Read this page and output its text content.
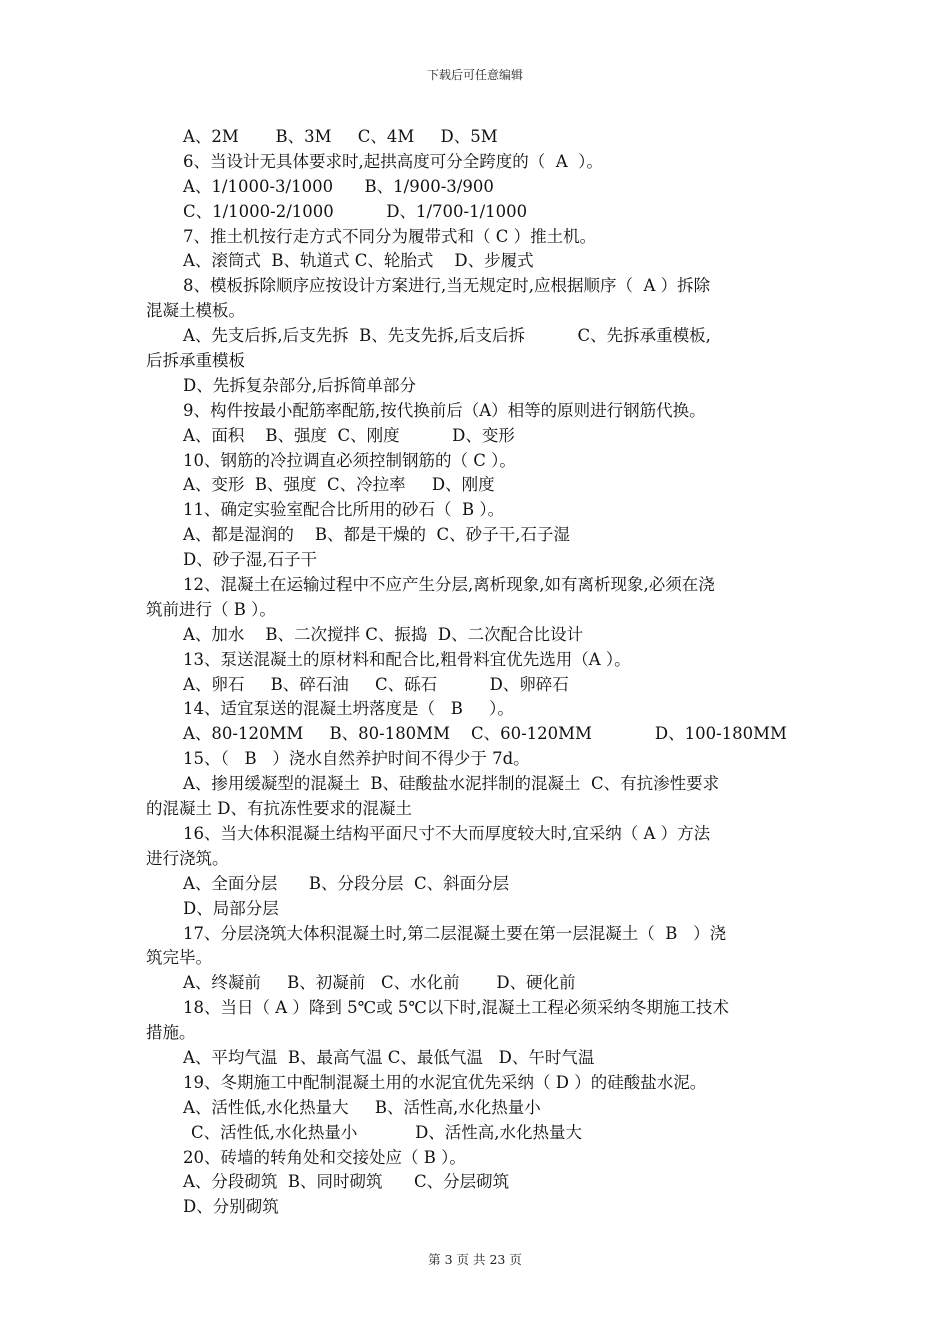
下载后可任意编辑
A、2M       B、3M     C、4M     D、5M
6、当设计无具体要求时,起拱高度可分全跨度的（  A  ）。
A、1/1000-3/1000      B、1/900-3/900
C、1/1000-2/1000          D、1/700-1/1000
7、推土机按行走方式不同分为履带式和（ C ）推土机。
A、滚筒式  B、轨道式 C、轮胎式    D、步履式
8、模板拆除顺序应按设计方案进行,当无规定时,应根据顺序（  A ）拆除
混凝土模板。
A、先支后拆,后支先拆  B、先支先拆,后支后拆          C、先拆承重模板,
后拆承重模板
D、先拆复杂部分,后拆简单部分
9、构件按最小配筋率配筋,按代换前后（A）相等的原则进行钢筋代换。
A、面积    B、强度  C、刚度          D、变形
10、钢筋的冷拉调直必须控制钢筋的（ C ）。
A、变形  B、强度  C、冷拉率     D、刚度
11、确定实验室配合比所用的砂石（  B ）。
A、都是湿润的    B、都是干燥的  C、砂子干,石子湿
D、砂子湿,石子干
12、混凝土在运输过程中不应产生分层,离析现象,如有离析现象,必须在浇
筑前进行（ B ）。
A、加水    B、二次搅拌 C、振捣  D、二次配合比设计
13、泵送混凝土的原材料和配合比,粗骨料宜优先选用（A ）。
A、卵石     B、碎石油     C、砾石          D、卵碎石
14、适宜泵送的混凝土坍落度是（   B     ）。
A、80-120MM     B、80-180MM    C、60-120MM            D、100-180MM
15、（   B   ）浇水自然养护时间不得少于 7d。
A、掺用缓凝型的混凝土  B、硅酸盐水泥拌制的混凝土  C、有抗渗性要求
的混凝土 D、有抗冻性要求的混凝土
16、当大体积混凝土结构平面尺寸不大而厚度较大时,宜采纳（ A ）方法
进行浇筑。
A、全面分层      B、分段分层  C、斜面分层
D、局部分层
17、分层浇筑大体积混凝土时,第二层混凝土要在第一层混凝土（  B   ）浇
筑完毕。
A、终凝前     B、初凝前   C、水化前       D、硬化前
18、当日（ A ）降到 5℃或 5℃以下时,混凝土工程必须采纳冬期施工技术
措施。
A、平均气温  B、最高气温 C、最低气温   D、午时气温
19、冬期施工中配制混凝土用的水泥宜优先采纳（ D ）的硅酸盐水泥。
A、活性低,水化热量大     B、活性高,水化热量小
C、活性低,水化热量小           D、活性高,水化热量大
20、砖墙的转角处和交接处应（ B ）。
A、分段砌筑  B、同时砌筑      C、分层砌筑
D、分别砌筑
第 3 页 共 23 页
